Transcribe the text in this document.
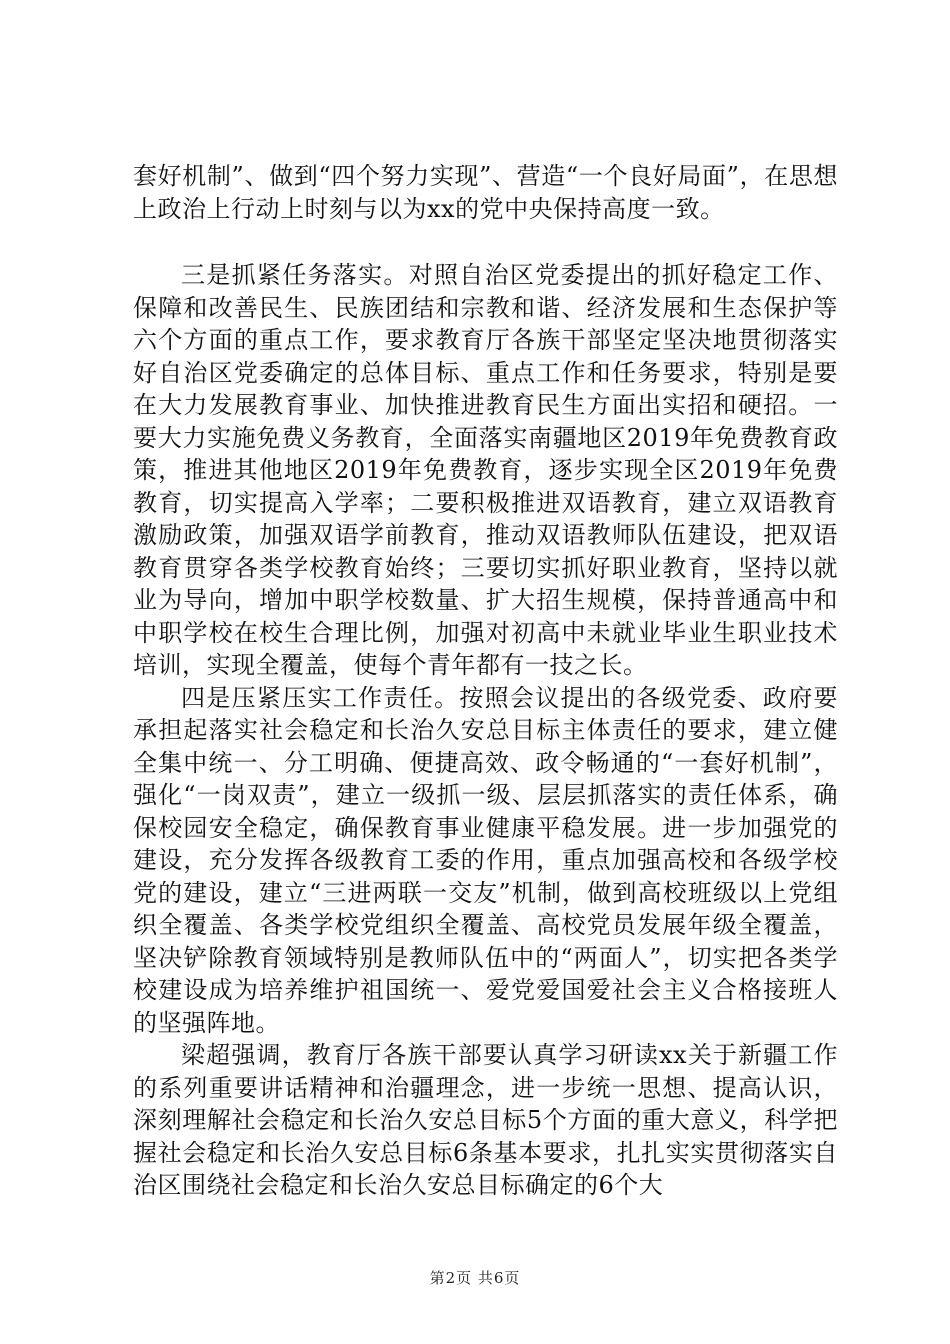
套好机制”、做到“四个努力实现”、营造“一个良好局面”，在思想上政治上行动上时刻与以为xx的党中央保持高度一致。

三是抓紧任务落实。对照自治区党委提出的抓好稳定工作、保障和改善民生、民族团结和宗教和谐、经济发展和生态保护等六个方面的重点工作，要求教育厅各族干部坚定坚决地贯彻落实好自治区党委确定的总体目标、重点工作和任务要求，特别是要在大力发展教育事业、加快推进教育民生方面出实招和硬招。一要大力实施免费义务教育，全面落实南疆地区2019年免费教育政策，推进其他地区2019年免费教育，逐步实现全区2019年免费教育，切实提高入学率；二要积极推进双语教育，建立双语教育激励政策，加强双语学前教育，推动双语教师队伍建设，把双语教育贯穿各类学校教育始终；三要切实抓好职业教育，坚持以就业为导向，增加中职学校数量、扩大招生规模，保持普通高中和中职学校在校生合理比例，加强对初高中未就业毕业生职业技术培训，实现全覆盖，使每个青年都有一技之长。

四是压紧压实工作责任。按照会议提出的各级党委、政府要承担起落实社会稳定和长治久安总目标主体责任的要求，建立健全集中统一、分工明确、便捷高效、政令畅通的“一套好机制”，强化“一岗双责”，建立一级抓一级、层层抓落实的责任体系，确保校园安全稳定，确保教育事业健康平稳发展。进一步加强党的建设，充分发挥各级教育工委的作用，重点加强高校和各级学校党的建设，建立“三进两联一交友”机制，做到高校班级以上党组织全覆盖、各类学校党组织全覆盖、高校党员发展年级全覆盖，坚决铲除教育领域特别是教师队伍中的“两面人”，切实把各类学校建设成为培养维护祖国统一、爱党爱国爱社会主义合格接班人的坚强阵地。

梁超强调，教育厅各族干部要认真学习研读xx关于新疆工作的系列重要讲话精神和治疆理念，进一步统一思想、提高认识，深刻理解社会稳定和长治久安总目标5个方面的重大意义，科学把握社会稳定和长治久安总目标6条基本要求，扎扎实实贯彻落实自治区围绕社会稳定和长治久安总目标确定的6个大

第2页 共6页
